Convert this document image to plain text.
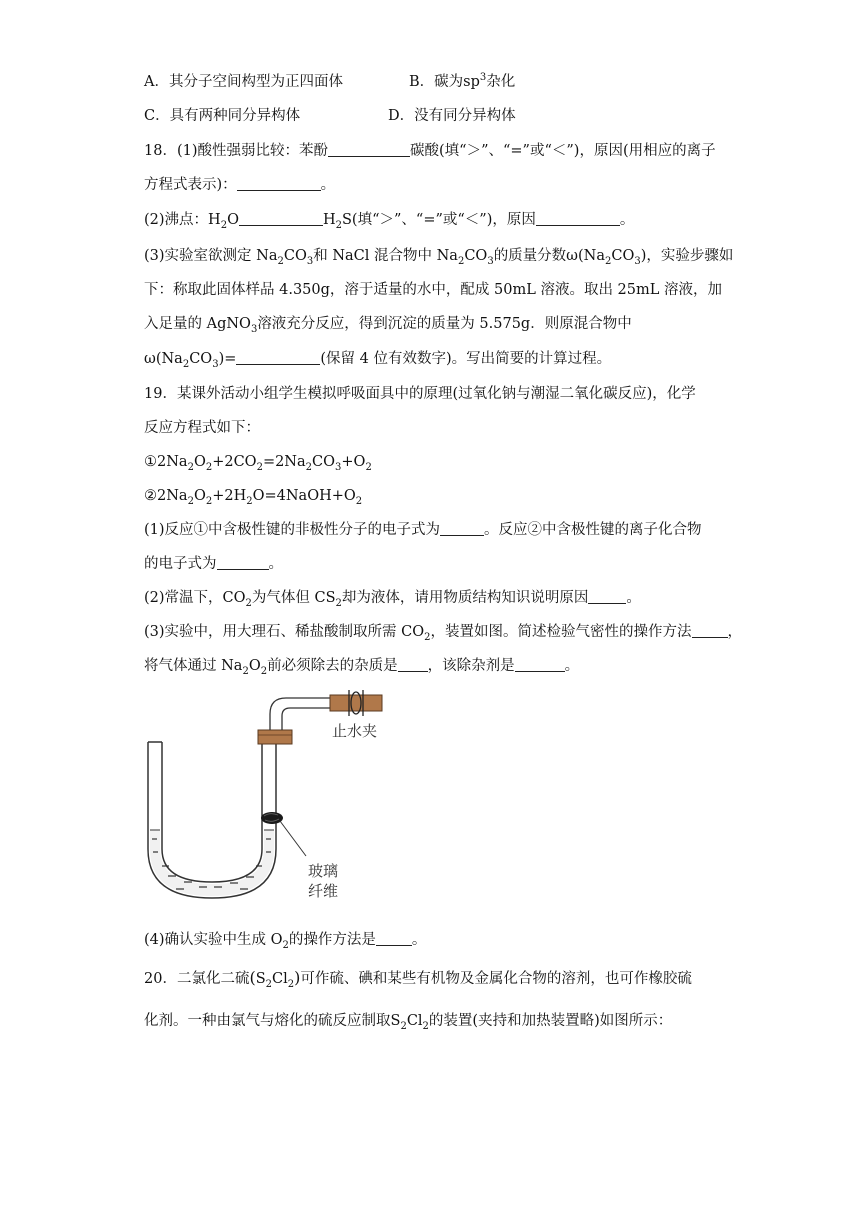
A．其分子空间构型为正四面体	B．碳为$sp^3$杂化
C．具有两种同分异构体	D．没有同分异构体
18．(1)酸性强弱比较：苯酚	碳酸(填“＞”、“=”或“＜”)，原因(用相应的离子
方程式表示)：	。
(2)沸点：$H_2O$	$H_2S$(填“＞”、“=”或“＜”)，原因	。
(3)实验室欲测定 $Na_2CO_3$和 NaCl 混合物中 $Na_2CO_3$的质量分数$\omega(Na_2CO_3)$，实验步骤如
下：称取此固体样品 4.350g，溶于适量的水中，配成 50mL 溶液。取出 25mL 溶液，加
入足量的 AgNO$_3$溶液充分反应，得到沉淀的质量为 5.575g．则原混合物中
$\omega(Na_2CO_3)=$	(保留 4 位有效数字)。写出简要的计算过程。
19．某课外活动小组学生模拟呼吸面具中的原理(过氧化钠与潮湿二氧化碳反应)，化学
反应方程式如下：
$①2Na_2O_2+2CO_2=2Na_2CO_3+O_2$
$②2Na_2O_2+2H_2O=4NaOH+O_2$
(1)反应①中含极性键的非极性分子的电子式为	。反应②中含极性键的离子化合物
的电子式为	。
(2)常温下，$CO_2$为气体但 $CS_2$却为液体，请用物质结构知识说明原因	。
(3)实验中，用大理石、稀盐酸制取所需 $CO_2$，装置如图。简述检验气密性的操作方法 ，
将气体通过 $Na_2O_2$前必须除去的杂质是 ，该除杂剂是	。
止水夹
玻璃
纤维
(4)确认实验中生成 $O_2$的操作方法是 。
20．二氯化二硫$(S_2Cl_2)$可作硫、碘和某些有机物及金属化合物的溶剂，也可作橡胶硫
化剂。一种由氯气与熔化的硫反应制取$S_2Cl_2$的装置(夹持和加热装置略)如图所示：
